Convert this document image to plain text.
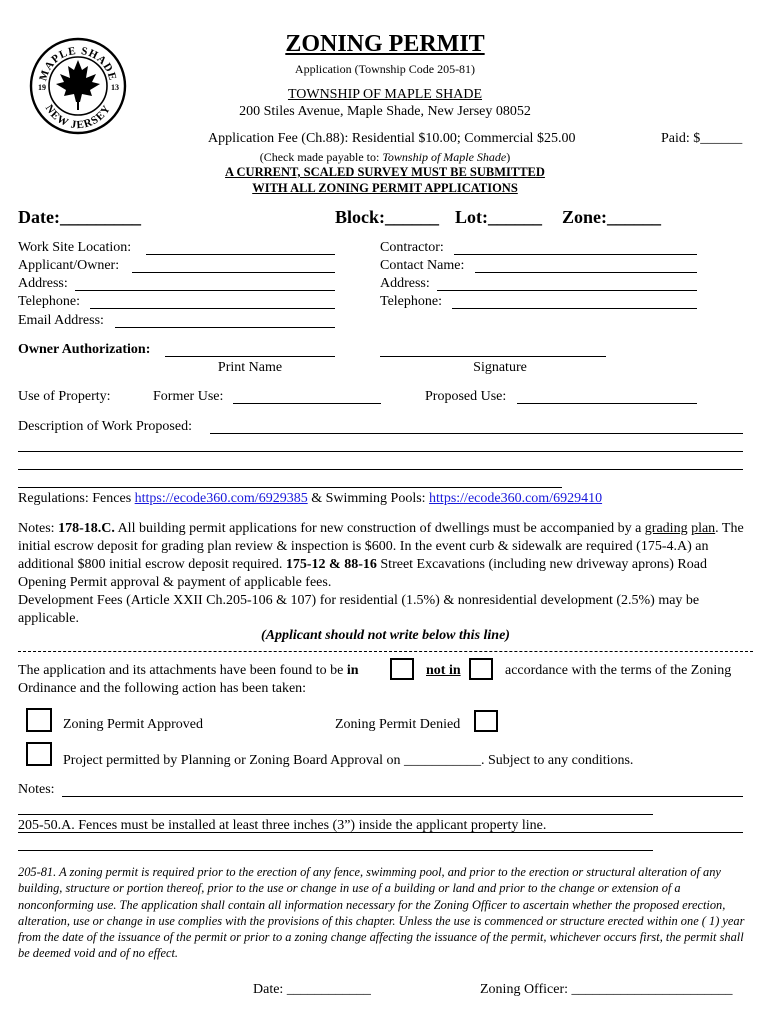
MAPLE SHADE
NEW JERSEY
19	13
ZONING PERMIT
Application (Township Code 205-81)
TOWNSHIP OF MAPLE SHADE
200 Stiles Avenue, Maple Shade, New Jersey 08052
Application Fee (Ch.88): Residential $10.00; Commercial $25.00	Paid: $______
(Check made payable to: Township of Maple Shade)
A CURRENT, SCALED SURVEY MUST BE SUBMITTED
WITH ALL ZONING PERMIT APPLICATIONS
Date:_________	Block:______ Lot:______ Zone:______
Work Site Location:
Applicant/Owner:
Address:
Telephone:
Email Address:
Contractor:
Contact Name:
Address:
Telephone:
Owner Authorization:
Print Name	Signature
Use of Property:	Former Use:	Proposed Use:
Description of Work Proposed:
Regulations: Fences https://ecode360.com/6929385 & Swimming Pools: https://ecode360.com/6929410
Notes: 178-18.C. All building permit applications for new construction of dwellings must be accompanied by a grading plan. The initial escrow deposit for grading plan review & inspection is $600. In the event curb & sidewalk are required (175-4.A) an additional $800 initial escrow deposit required. 175-12 & 88-16 Street Excavations (including new driveway aprons) Road Opening Permit approval & payment of applicable fees.
Development Fees (Article XXII Ch.205-106 & 107) for residential (1.5%) & nonresidential development (2.5%) may be applicable.
(Applicant should not write below this line)
The application and its attachments have been found to be in	not in	accordance with the terms of the Zoning
Ordinance and the following action has been taken:
Zoning Permit Approved	Zoning Permit Denied
Project permitted by Planning or Zoning Board Approval on ___________. Subject to any conditions.
Notes:
205-50.A. Fences must be installed at least three inches (3”) inside the applicant property line.
205-81. A zoning permit is required prior to the erection of any fence, swimming pool, and prior to the erection or structural alteration of any building, structure or portion thereof, prior to the use or change in use of a building or land and prior to the change or extension of a nonconforming use. The application shall contain all information necessary for the Zoning Officer to ascertain whether the proposed erection, alteration, use or change in use complies with the provisions of this chapter. Unless the use is commenced or structure erected within one ( 1) year from the date of the issuance of the permit or prior to a zoning change affecting the issuance of the permit, whichever occurs first, the permit shall be deemed void and of no effect.
Date: ____________	Zoning Officer: _______________________
